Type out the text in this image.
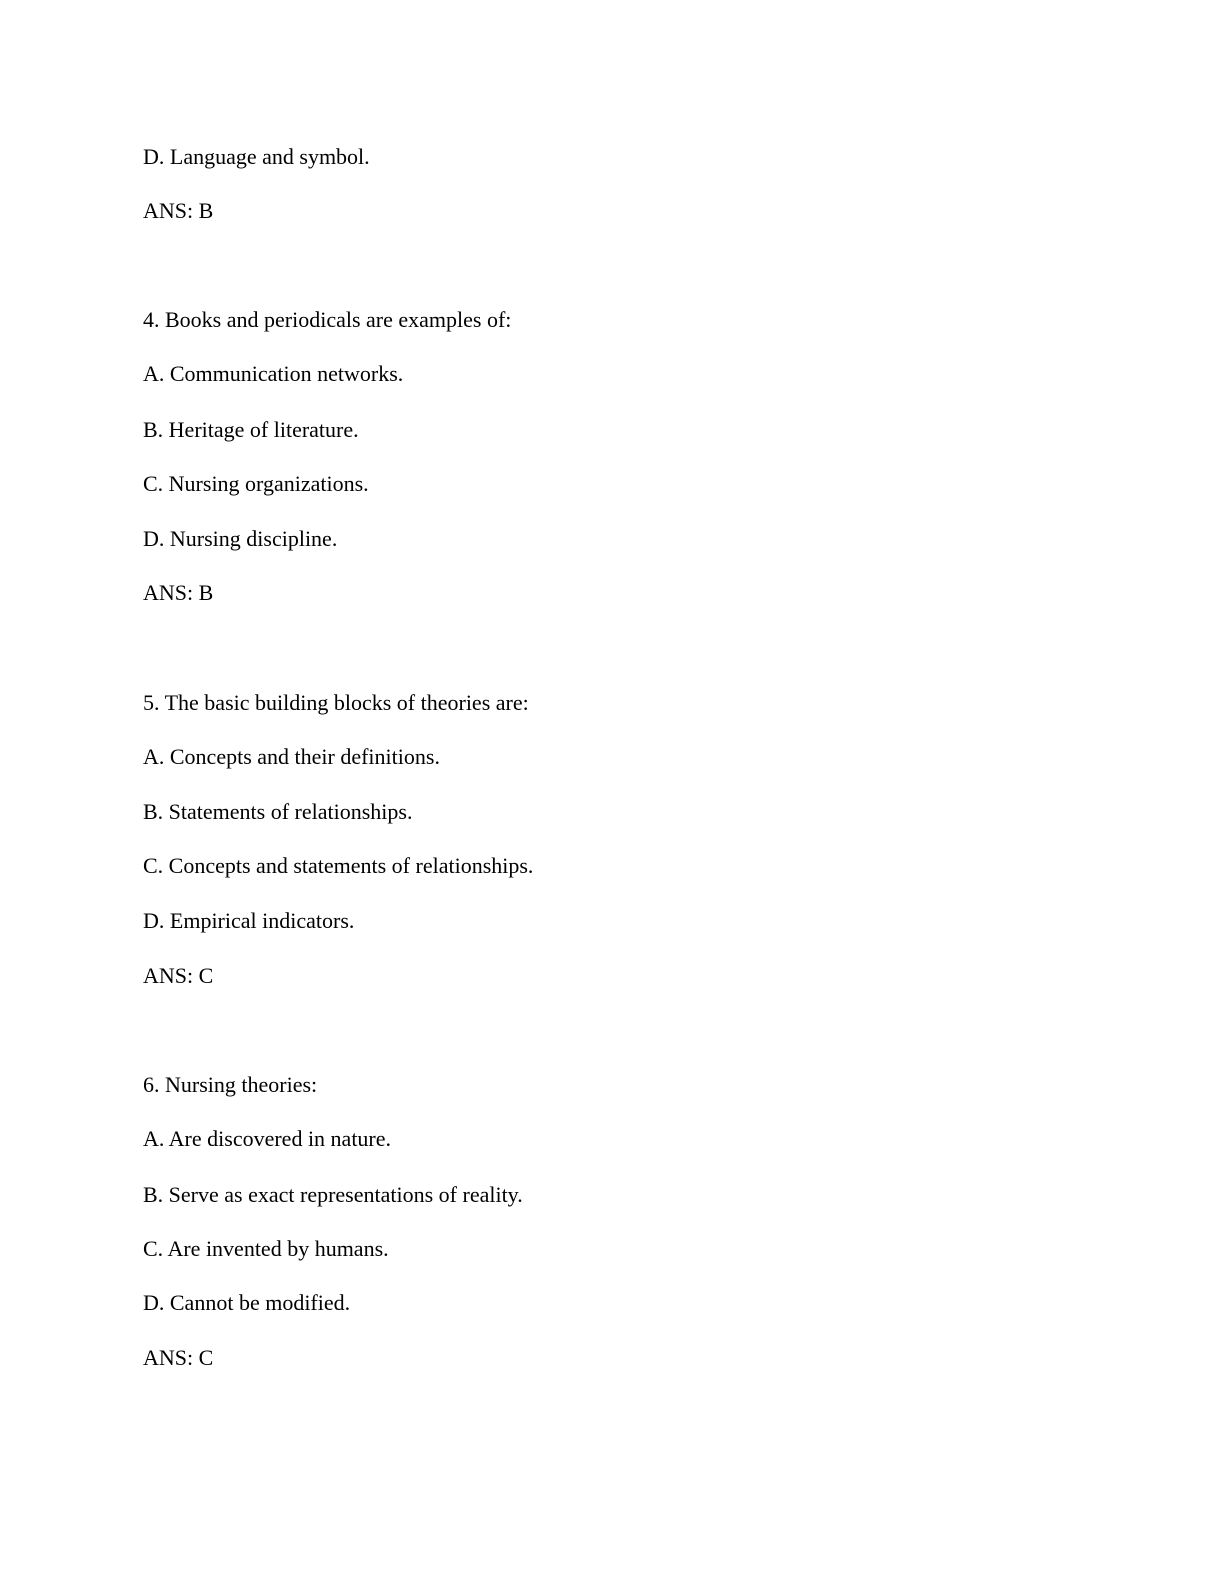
D. Language and symbol.
ANS: B
4. Books and periodicals are examples of:
A. Communication networks.
B. Heritage of literature.
C. Nursing organizations.
D. Nursing discipline.
ANS: B
5. The basic building blocks of theories are:
A. Concepts and their definitions.
B. Statements of relationships.
C. Concepts and statements of relationships.
D. Empirical indicators.
ANS: C
6. Nursing theories:
A. Are discovered in nature.
B. Serve as exact representations of reality.
C. Are invented by humans.
D. Cannot be modified.
ANS: C
